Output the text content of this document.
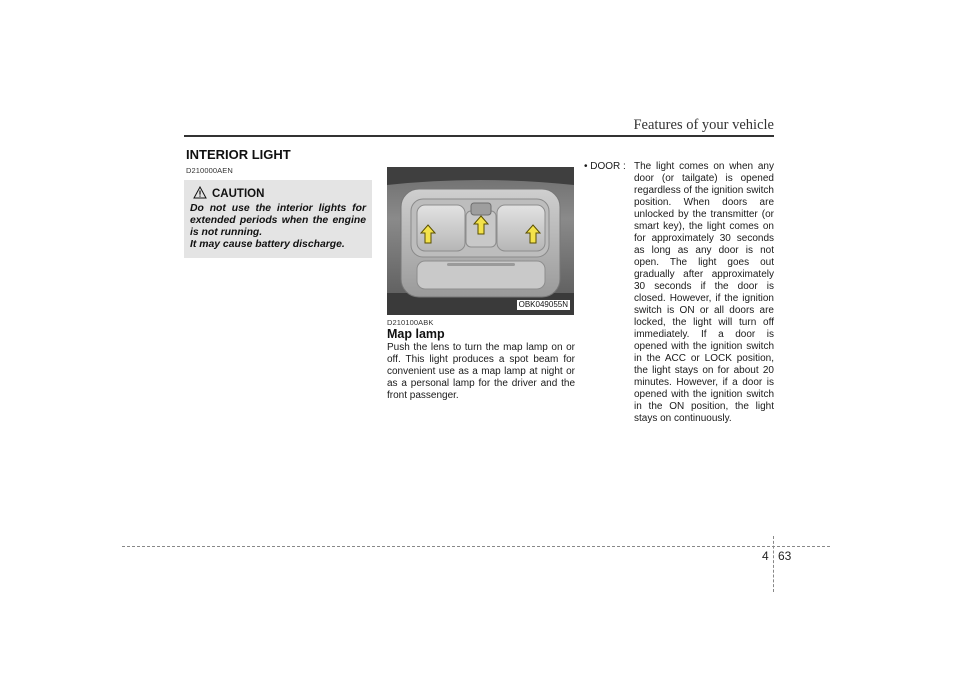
Features of your vehicle
INTERIOR LIGHT
D210000AEN
CAUTION

Do not use the interior lights for extended periods when the engine is not running.

It may cause battery discharge.

OBK049055N
D210100ABK
Map lamp
Push the lens to turn the map lamp on or off. This light produces a spot beam for convenient use as a map lamp at night or as a personal lamp for the driver and the front passenger.
• DOOR : The light comes on when any door (or tailgate) is opened regardless of the ignition switch position. When doors are unlocked by the transmitter (or smart key), the light comes on for approximately 30 seconds as long as any door is not open. The light goes out gradually after approximately 30 seconds if the door is closed. However, if the ignition switch is ON or all doors are locked, the light will turn off immediately. If a door is opened with the ignition switch in the ACC or LOCK position, the light stays on for about 20 minutes. However, if a door is opened with the ignition switch in the ON position, the light stays on continuously.
4 63
